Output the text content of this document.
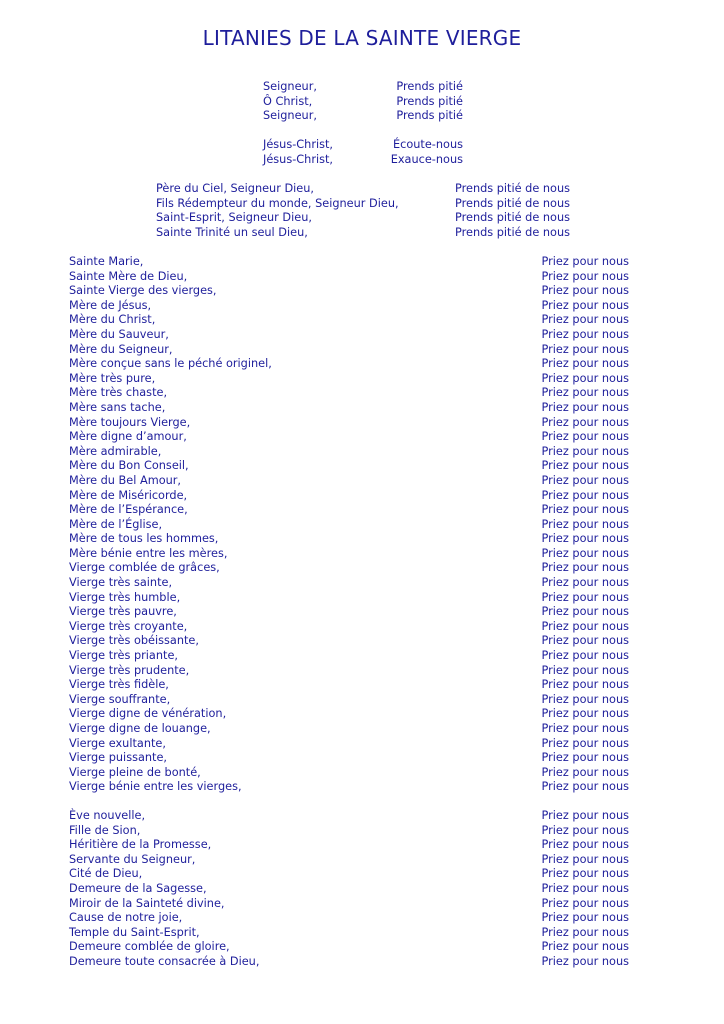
LITANIES DE LA SAINTE VIERGE
Seigneur,	Prends pitié
Ô Christ,	Prends pitié
Seigneur,	Prends pitié
Jésus-Christ,	Écoute-nous
Jésus-Christ,	Exauce-nous
Père du Ciel, Seigneur Dieu,	Prends pitié de nous
Fils Rédempteur du monde, Seigneur Dieu,	Prends pitié de nous
Saint-Esprit, Seigneur Dieu,	Prends pitié de nous
Sainte Trinité un seul Dieu,	Prends pitié de nous
Sainte Marie,	Priez pour nous
Sainte Mère de Dieu,	Priez pour nous
Sainte Vierge des vierges,	Priez pour nous
Mère de Jésus,	Priez pour nous
Mère du Christ,	Priez pour nous
Mère du Sauveur,	Priez pour nous
Mère du Seigneur,	Priez pour nous
Mère conçue sans le péché originel,	Priez pour nous
Mère très pure,	Priez pour nous
Mère très chaste,	Priez pour nous
Mère sans tache,	Priez pour nous
Mère toujours Vierge,	Priez pour nous
Mère digne d’amour,	Priez pour nous
Mère admirable,	Priez pour nous
Mère du Bon Conseil,	Priez pour nous
Mère du Bel Amour,	Priez pour nous
Mère de Miséricorde,	Priez pour nous
Mère de l’Espérance,	Priez pour nous
Mère de l’Église,	Priez pour nous
Mère de tous les hommes,	Priez pour nous
Mère bénie entre les mères,	Priez pour nous
Vierge comblée de grâces,	Priez pour nous
Vierge très sainte,	Priez pour nous
Vierge très humble,	Priez pour nous
Vierge très pauvre,	Priez pour nous
Vierge très croyante,	Priez pour nous
Vierge très obéissante,	Priez pour nous
Vierge très priante,	Priez pour nous
Vierge très prudente,	Priez pour nous
Vierge très fidèle,	Priez pour nous
Vierge souffrante,	Priez pour nous
Vierge digne de vénération,	Priez pour nous
Vierge digne de louange,	Priez pour nous
Vierge exultante,	Priez pour nous
Vierge puissante,	Priez pour nous
Vierge pleine de bonté,	Priez pour nous
Vierge bénie entre les vierges,	Priez pour nous
Ève nouvelle,	Priez pour nous
Fille de Sion,	Priez pour nous
Héritière de la Promesse,	Priez pour nous
Servante du Seigneur,	Priez pour nous
Cité de Dieu,	Priez pour nous
Demeure de la Sagesse,	Priez pour nous
Miroir de la Sainteté divine,	Priez pour nous
Cause de notre joie,	Priez pour nous
Temple du Saint-Esprit,	Priez pour nous
Demeure comblée de gloire,	Priez pour nous
Demeure toute consacrée à Dieu,	Priez pour nous
